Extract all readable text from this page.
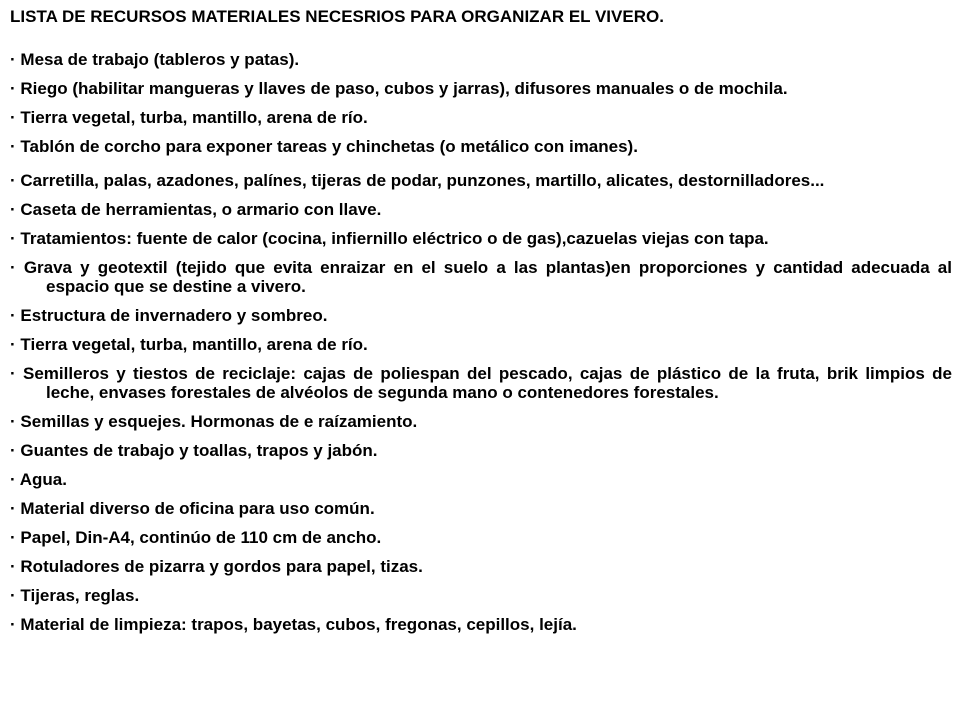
LISTA DE RECURSOS MATERIALES NECESRIOS PARA ORGANIZAR EL VIVERO.
· Mesa de trabajo (tableros y patas).
· Riego (habilitar mangueras y llaves de paso, cubos y jarras), difusores manuales o de mochila.
· Tierra vegetal, turba, mantillo, arena de río.
· Tablón de corcho para exponer tareas y chinchetas (o metálico con imanes).
· Carretilla, palas, azadones, palínes, tijeras de podar, punzones, martillo, alicates, destornilladores...
· Caseta de herramientas, o armario con llave.
· Tratamientos: fuente de calor (cocina, infiernillo eléctrico o de gas),cazuelas viejas con tapa.
· Grava y geotextil (tejido que evita enraizar en el suelo a las plantas)en proporciones y cantidad adecuada al espacio que se destine a vivero.
· Estructura de invernadero y sombreo.
· Tierra vegetal, turba, mantillo, arena de río.
· Semilleros y tiestos de reciclaje: cajas de poliespan del pescado, cajas de plástico de la fruta, brik limpios de leche, envases forestales de alvéolos de segunda mano o contenedores forestales.
· Semillas y esquejes. Hormonas de e raízamiento.
· Guantes de trabajo y toallas, trapos y jabón.
· Agua.
· Material diverso de oficina para uso común.
· Papel, Din-A4, continúo de 110 cm de ancho.
· Rotuladores de pizarra y gordos para papel, tizas.
· Tijeras, reglas.
· Material de limpieza: trapos, bayetas, cubos, fregonas, cepillos, lejía.
